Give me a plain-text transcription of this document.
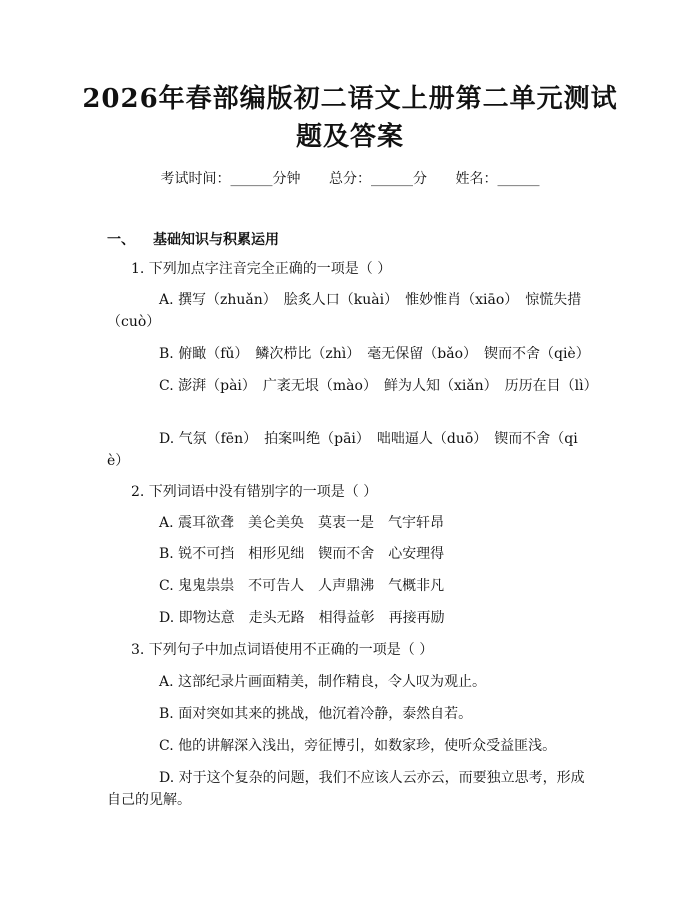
2026年春部编版初二语文上册第二单元测试题及答案
考试时间：______分钟 总分：______分 姓名：______
一、 基础知识与积累运用
1. 下列加点字注音完全正确的一项是（ ）
A. 撰写（zhuǎn）　脍炙人口（kuài）　惟妙惟肖（xiāo）　惊慌失措（cuò）
B. 俯瞰（fǔ）　鳞次栉比（zhì）　毫无保留（bǎo）　锲而不舍（qiè）
C. 澎湃（pài）　广袤无垠（mào）　鲜为人知（xiǎn）　历历在目（lì）
D. 气氛（fēn）　拍案叫绝（pāi）　咄咄逼人（duō）　锲而不舍（qiè）
2. 下列词语中没有错别字的一项是（ ）
A. 震耳欲聋　美仑美奂　莫衷一是　气宇轩昂
B. 锐不可挡　相形见绌　锲而不舍　心安理得
C. 鬼鬼祟祟　不可告人　人声鼎沸　气概非凡
D. 即物达意　走头无路　相得益彰　再接再励
3. 下列句子中加点词语使用不正确的一项是（ ）
A. 这部纪录片画面精美，制作精良，令人叹为观止。
B. 面对突如其来的挑战，他沉着冷静，泰然自若。
C. 他的讲解深入浅出，旁征博引，如数家珍，使听众受益匪浅。
D. 对于这个复杂的问题，我们不应该人云亦云，而要独立思考，形成自己的见解。
